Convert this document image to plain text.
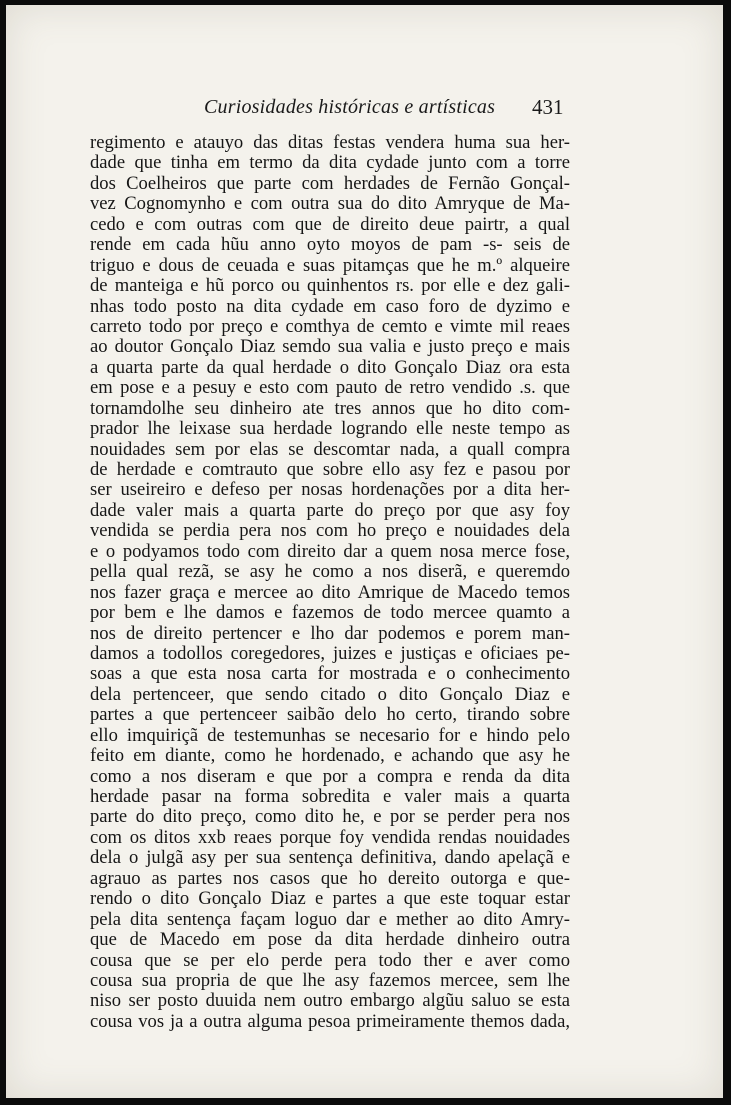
Curiosidades históricas e artísticas 431
regimento e atauyo das ditas festas vendera huma sua her-
dade que tinha em termo da dita cydade junto com a torre
dos Coelheiros que parte com herdades de Fernão Gonçal-
vez Cognomynho e com outra sua do dito Amryque de Ma-
cedo e com outras com que de direito deue pairtr, a qual
rende em cada hũu anno oyto moyos de pam -s- seis de
triguo e dous de ceuada e suas pitamças que he m.º alqueire
de manteiga e hũ porco ou quinhentos rs. por elle e dez gali-
nhas todo posto na dita cydade em caso foro de dyzimo e
carreto todo por preço e comthya de cemto e vimte mil reaes
ao doutor Gonçalo Diaz semdo sua valia e justo preço e mais
a quarta parte da qual herdade o dito Gonçalo Diaz ora esta
em pose e a pesuy e esto com pauto de retro vendido .s. que
tornamdolhe seu dinheiro ate tres annos que ho dito com-
prador lhe leixase sua herdade logrando elle neste tempo as
nouidades sem por elas se descomtar nada, a quall compra
de herdade e comtrauto que sobre ello asy fez e pasou por
ser useireiro e defeso per nosas hordenações por a dita her-
dade valer mais a quarta parte do preço por que asy foy
vendida se perdia pera nos com ho preço e nouidades dela
e o podyamos todo com direito dar a quem nosa merce fose,
pella qual rezã, se asy he como a nos diserã, e queremdo
nos fazer graça e mercee ao dito Amrique de Macedo temos
por bem e lhe damos e fazemos de todo mercee quamto a
nos de direito pertencer e lho dar podemos e porem man-
damos a todollos coregedores, juizes e justiças e oficiaes pe-
soas a que esta nosa carta for mostrada e o conhecimento
dela pertenceer, que sendo citado o dito Gonçalo Diaz e
partes a que pertenceer saibão delo ho certo, tirando sobre
ello imquiriçã de testemunhas se necesario for e hindo pelo
feito em diante, como he hordenado, e achando que asy he
como a nos diseram e que por a compra e renda da dita
herdade pasar na forma sobredita e valer mais a quarta
parte do dito preço, como dito he, e por se perder pera nos
com os ditos xxb reaes porque foy vendida rendas nouidades
dela o julgã asy per sua sentença definitiva, dando apelaçã e
agrauo as partes nos casos que ho dereito outorga e que-
rendo o dito Gonçalo Diaz e partes a que este toquar estar
pela dita sentença façam loguo dar e mether ao dito Amry-
que de Macedo em pose da dita herdade dinheiro outra
cousa que se per elo perde pera todo ther e aver como
cousa sua propria de que lhe asy fazemos mercee, sem lhe
niso ser posto duuida nem outro embargo algũu saluo se esta
cousa vos ja a outra alguma pesoa primeiramente themos dada,
